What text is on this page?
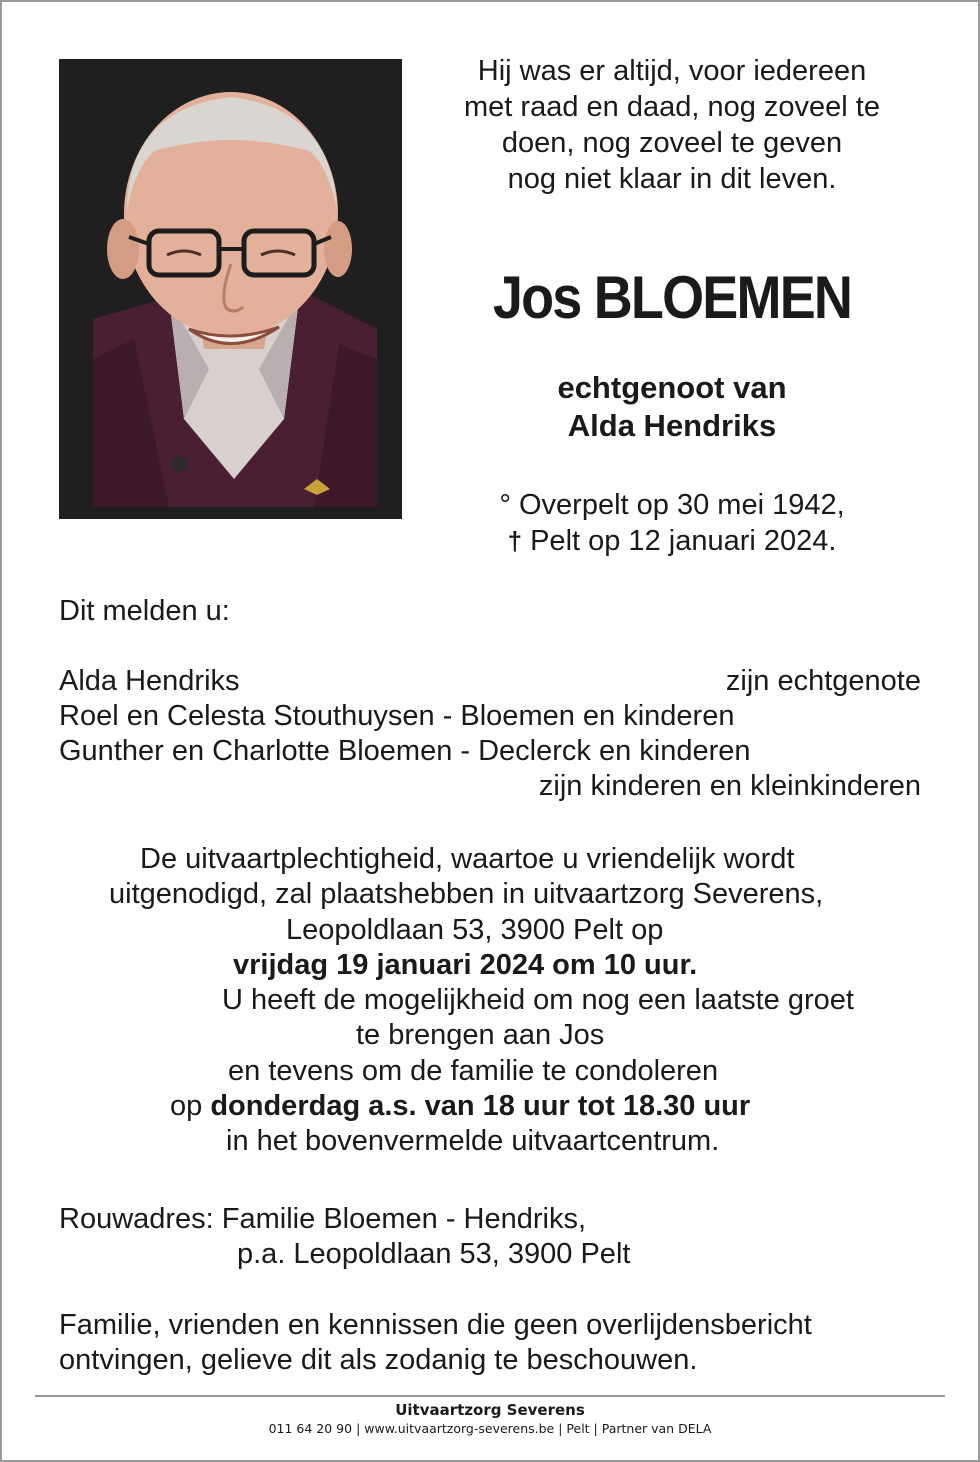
Hij was er altijd, voor iedereen
met raad en daad, nog zoveel te
doen, nog zoveel te geven
nog niet klaar in dit leven.
Jos BLOEMEN
echtgenoot van
Alda Hendriks
° Overpelt op 30 mei 1942,
† Pelt op 12 januari 2024.
Dit melden u:
Alda Hendriks	zijn echtgenote
Roel en Celesta Stouthuysen - Bloemen en kinderen
Gunther en Charlotte Bloemen - Declerck en kinderen
zijn kinderen en kleinkinderen
De uitvaartplechtigheid, waartoe u vriendelijk wordt
uitgenodigd, zal plaatshebben in uitvaartzorg Severens,
Leopoldlaan 53, 3900 Pelt op
vrijdag 19 januari 2024 om 10 uur.
U heeft de mogelijkheid om nog een laatste groet
te brengen aan Jos
en tevens om de familie te condoleren
op donderdag a.s. van 18 uur tot 18.30 uur
in het bovenvermelde uitvaartcentrum.
Rouwadres: Familie Bloemen - Hendriks,
p.a. Leopoldlaan 53, 3900 Pelt
Familie, vrienden en kennissen die geen overlijdensbericht
ontvingen, gelieve dit als zodanig te beschouwen.
Uitvaartzorg Severens
011 64 20 90 | www.uitvaartzorg-severens.be | Pelt | Partner van DELA
